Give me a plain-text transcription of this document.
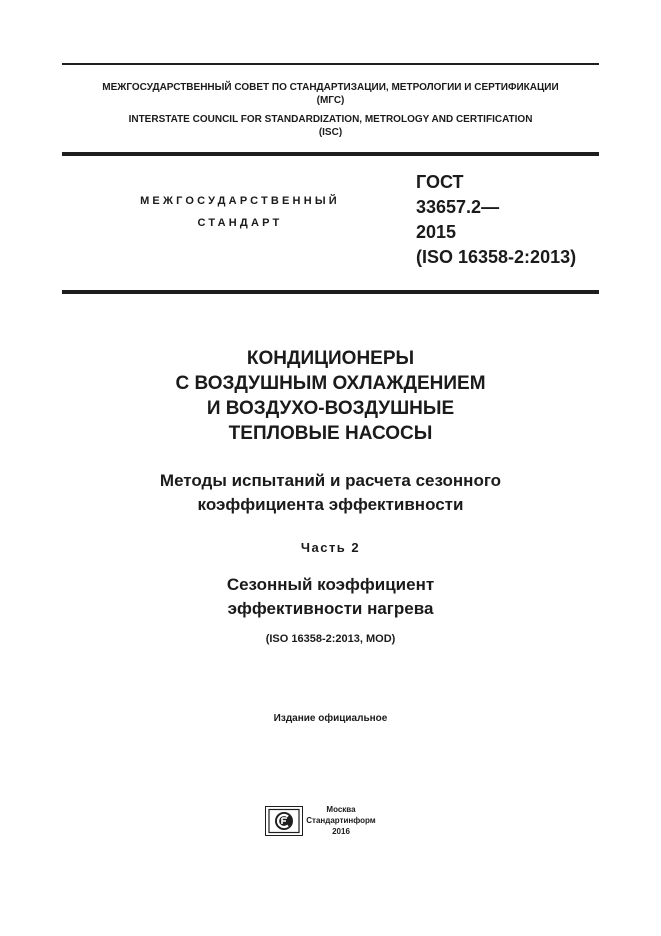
МЕЖГОСУДАРСТВЕННЫЙ СОВЕТ ПО СТАНДАРТИЗАЦИИ, МЕТРОЛОГИИ И СЕРТИФИКАЦИИ
(МГС)
INTERSTATE COUNCIL FOR STANDARDIZATION, METROLOGY AND CERTIFICATION
(ISC)
МЕЖГОСУДАРСТВЕННЫЙ
СТАНДАРТ
ГОСТ
33657.2—
2015
(ISO 16358-2:2013)
КОНДИЦИОНЕРЫ
С ВОЗДУШНЫМ ОХЛАЖДЕНИЕМ
И ВОЗДУХО-ВОЗДУШНЫЕ
ТЕПЛОВЫЕ НАСОСЫ
Методы испытаний и расчета сезонного
коэффициента эффективности
Часть 2
Сезонный коэффициент
эффективности нагрева
(ISO 16358-2:2013, MOD)
Издание официальное
Москва
Стандартинформ
2016
